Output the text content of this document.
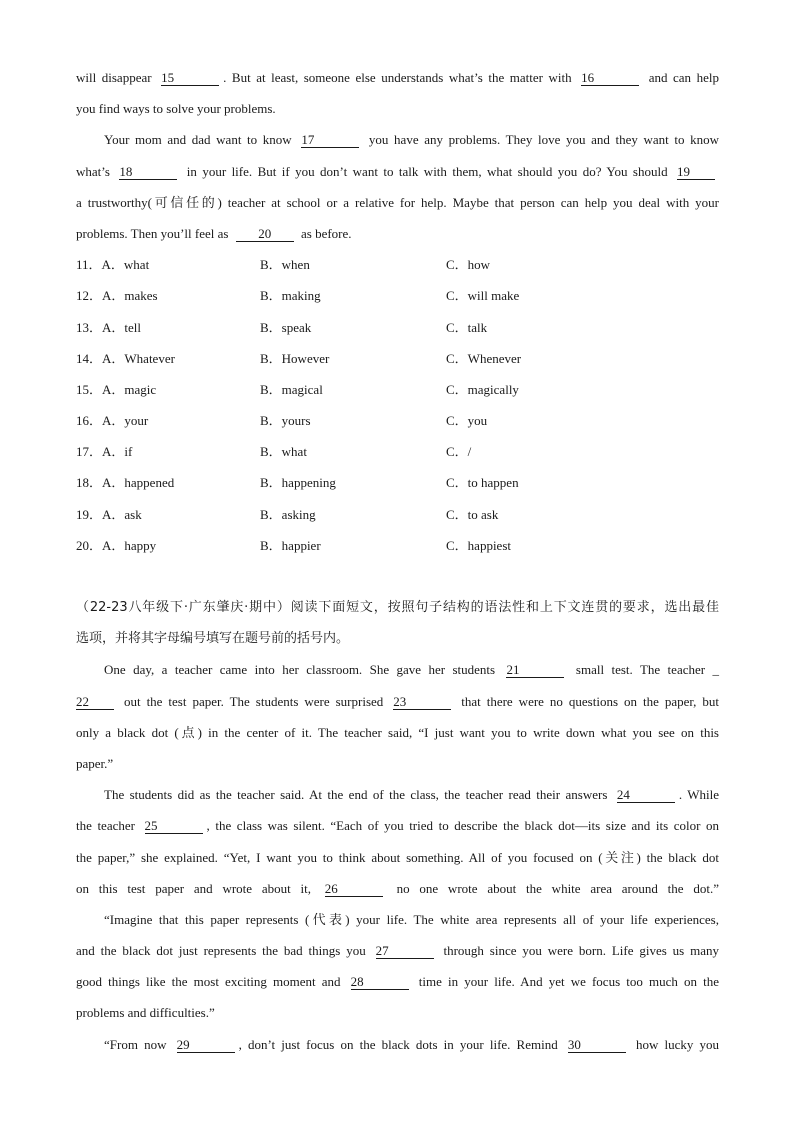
will disappear 15	. But at least, someone else understands what’s the matter with 16	and can help
you find ways to solve your problems.
Your mom and dad want to know 17	you have any problems. They love you and they want to know
what’s 18	in your life. But if you don’t want to talk with them, what should you do? You should 19
a trustworthy(可信任的) teacher at school or a relative for help. Maybe that person can help you deal with your
problems. Then you’ll feel as 20 as before.
11．A．what	B．when	C．how
12．A．makes	B．making	C．will make
13．A．tell	B．speak	C．talk
14．A．Whatever	B．However	C．Whenever
15．A．magic	B．magical	C．magically
16．A．your	B．yours	C．you
17．A．if	B．what	C．/
18．A．happened	B．happening	C．to happen
19．A．ask	B．asking	C．to ask
20．A．happy	B．happier	C．happiest
（22-23八年级下·广东肇庆·期中）阅读下面短文，按照句子结构的语法性和上下文连贯的要求，选出最佳
选项，并将其字母编号填写在题号前的括号内。
One day, a teacher came into her classroom. She gave her students 21	small test. The teacher _
22 out the test paper. The students were surprised 23	that there were no questions on the paper, but
only a black dot (点) in the center of it. The teacher said, “I just want you to write down what you see on this
paper.”
The students did as the teacher said. At the end of the class, the teacher read their answers 24	. While
the teacher 25	, the class was silent. “Each of you tried to describe the black dot—its size and its color on
the paper,” she explained. “Yet, I want you to think about something. All of you focused on (关注) the black dot
on this test paper and wrote about it, 26	no one wrote about the white area around the dot.”
“Imagine that this paper represents (代表) your life. The white area represents all of your life experiences,
and the black dot just represents the bad things you 27	through since you were born. Life gives us many
good things like the most exciting moment and 28	time in your life. And yet we focus too much on the
problems and difficulties.”
“From now 29	, don’t just focus on the black dots in your life. Remind 30	how lucky you
